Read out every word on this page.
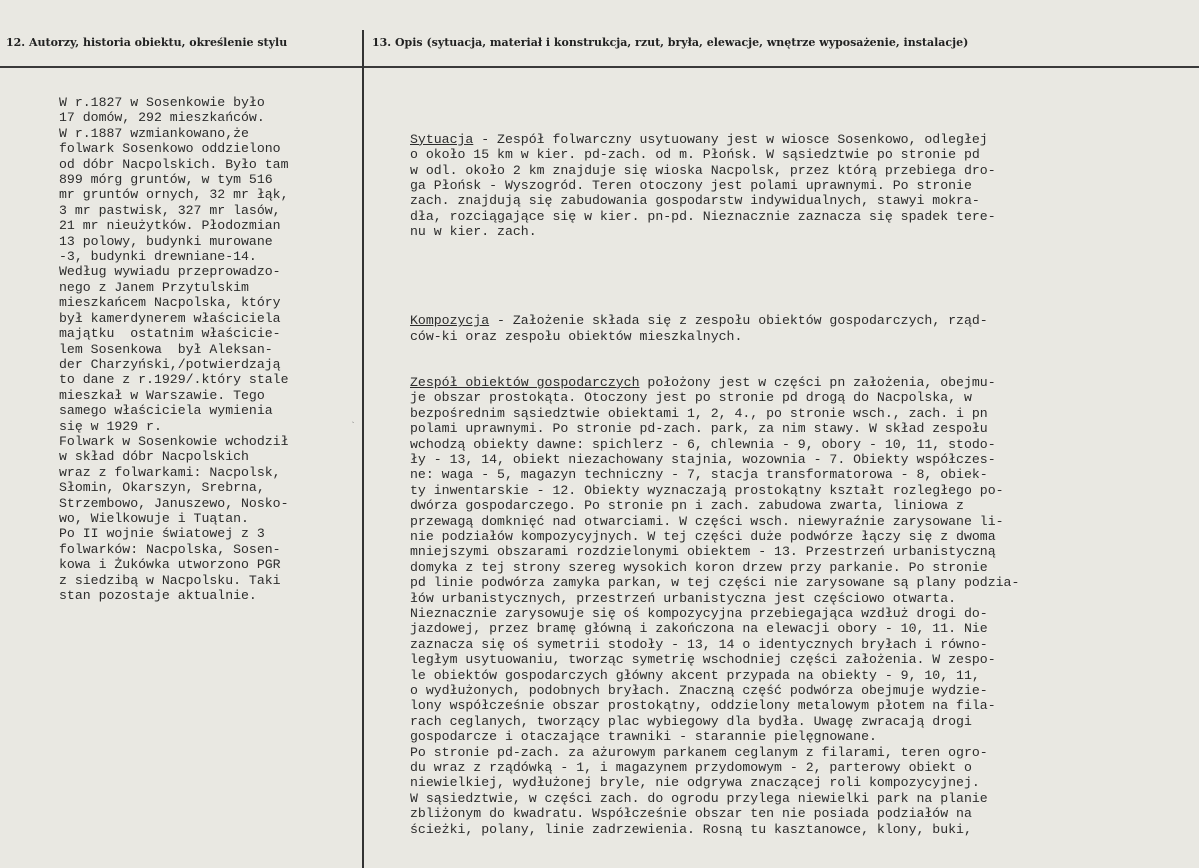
12. Autorzy, historia obiektu, określenie stylu	13. Opis (sytuacja, materiał i konstrukcja, rzut, bryła, elewacje, wnętrze wyposażenie, instalacje)
`
W r.1827 w Sosenkowie było
17 domów, 292 mieszkańców.
W r.1887 wzmiankowano,że
folwark Sosenkowo oddzielono
od dóbr Nacpolskich. Było tam
899 mórg gruntów, w tym 516
mr gruntów ornych, 32 mr łąk,
3 mr pastwisk, 327 mr lasów,
21 mr nieużytków. Płodozmian
13 polowy, budynki murowane
-3, budynki drewniane-14.
Według wywiadu przeprowadzo-
nego z Janem Przytulskim
mieszkańcem Nacpolska, który
był kamerdynerem właściciela
majątku  ostatnim właściciе-
lem Sosenkowa  był Aleksan-
der Charzyński,/potwierdzają
to dane z r.1929/.który stale
mieszkał w Warszawie. Tego
samego właściciela wymienia
się w 1929 r.
Folwark w Sosenkowie wchodził
w skład dóbr Nacpolskich
wraz z folwarkami: Nacpolsk,
Słomin, Okarszyn, Srebrna,
Strzembowo, Januszewo, Nosko-
wo, Wielkowuje i Tuątan.
Po II wojnie światowej z 3
folwarków: Nacpolska, Sosen-
kowa i Żukówka utworzono PGR
z siedzibą w Nacpolsku. Taki
stan pozostaje aktualnie.

Sytuacja - Zespół folwarczny usytuowany jest w wiosce Sosenkowo, odległej
o około 15 km w kier. pd-zach. od m. Płońsk. W sąsiedztwie po stronie pd
w odl. około 2 km znajduje się wioska Nacpolsk, przez którą przebiega dro-
ga Płońsk - Wyszogród. Teren otoczony jest polami uprawnymi. Po stronie
zach. znajdują się zabudowania gospodarstw indywidualnych, stawyi mokra-
dła, rozciągające się w kier. pn-pd. Nieznacznie zaznacza się spadek tere-
nu w kier. zach.

Kompozycja - Założenie składa się z zespołu obiektów gospodarczych, rząd-
ców-ki oraz zespołu obiektów mieszkalnych.

Zespół obiektów gospodarczych położony jest w części pn założenia, obejmu-
je obszar prostokąta. Otoczony jest po stronie pd drogą do Nacpolska, w
bezpośrednim sąsiedztwie obiektami 1, 2, 4., po stronie wsch., zach. i pn
polami uprawnymi. Po stronie pd-zach. park, za nim stawy. W skład zespołu
wchodzą obiekty dawne: spichlerz - 6, chlewnia - 9, obory - 10, 11, stodo-
ły - 13, 14, obiekt niezachowany stajnia, wozownia - 7. Obiekty współczes-
ne: waga - 5, magazyn techniczny - 7, stacja transformatorowa - 8, obiek-
ty inwentarskie - 12. Obiekty wyznaczają prostokątny kształt rozległego po-
dwórza gospodarczego. Po stronie pn i zach. zabudowa zwarta, liniowa z
przewagą domknięć nad otwarciami. W części wsch. niewyraźnie zarysowane li-
nie podziałów kompozycyjnych. W tej części duże podwórze łączy się z dwoma
mniejszymi obszarami rozdzielonymi obiektem - 13. Przestrzeń urbanistyczną
domyka z tej strony szereg wysokich koron drzew przy parkanie. Po stronie
pd linie podwórza zamyka parkan, w tej części nie zarysowane są plany podzia-
łów urbanistycznych, przestrzeń urbanistyczna jest częściowo otwarta.
Nieznacznie zarysowuje się oś kompozycyjna przebiegająca wzdłuż drogi do-
jazdowej, przez bramę główną i zakończona na elewacji obory - 10, 11. Nie
zaznacza się oś symetrii stodoły - 13, 14 o identycznych bryłach i równo-
ległym usytuowaniu, tworząc symetrię wschodniej części założenia. W zespo-
le obiektów gospodarczych główny akcent przypada na obiekty - 9, 10, 11,
o wydłużonych, podobnych bryłach. Znaczną część podwórza obejmuje wydzie-
lony współcześnie obszar prostokątny, oddzielony metalowym płotem na fila-
rach ceglanych, tworzący plac wybiegowy dla bydła. Uwagę zwracają drogi
gospodarcze i otaczające trawniki - starannie pielęgnowane.
Po stronie pd-zach. za ażurowym parkanem ceglanym z filarami, teren ogro-
du wraz z rządówką - 1, i magazynem przydomowym - 2, parterowy obiekt o
niewielkiej, wydłużonej bryle, nie odgrywa znaczącej roli kompozycyjnej.
W sąsiedztwie, w części zach. do ogrodu przylega niewielki park na planie
zbliżonym do kwadratu. Współcześnie obszar ten nie posiada podziałów na
ścieżki, polany, linie zadrzewienia. Rosną tu kasztanowce, klony, buki,
